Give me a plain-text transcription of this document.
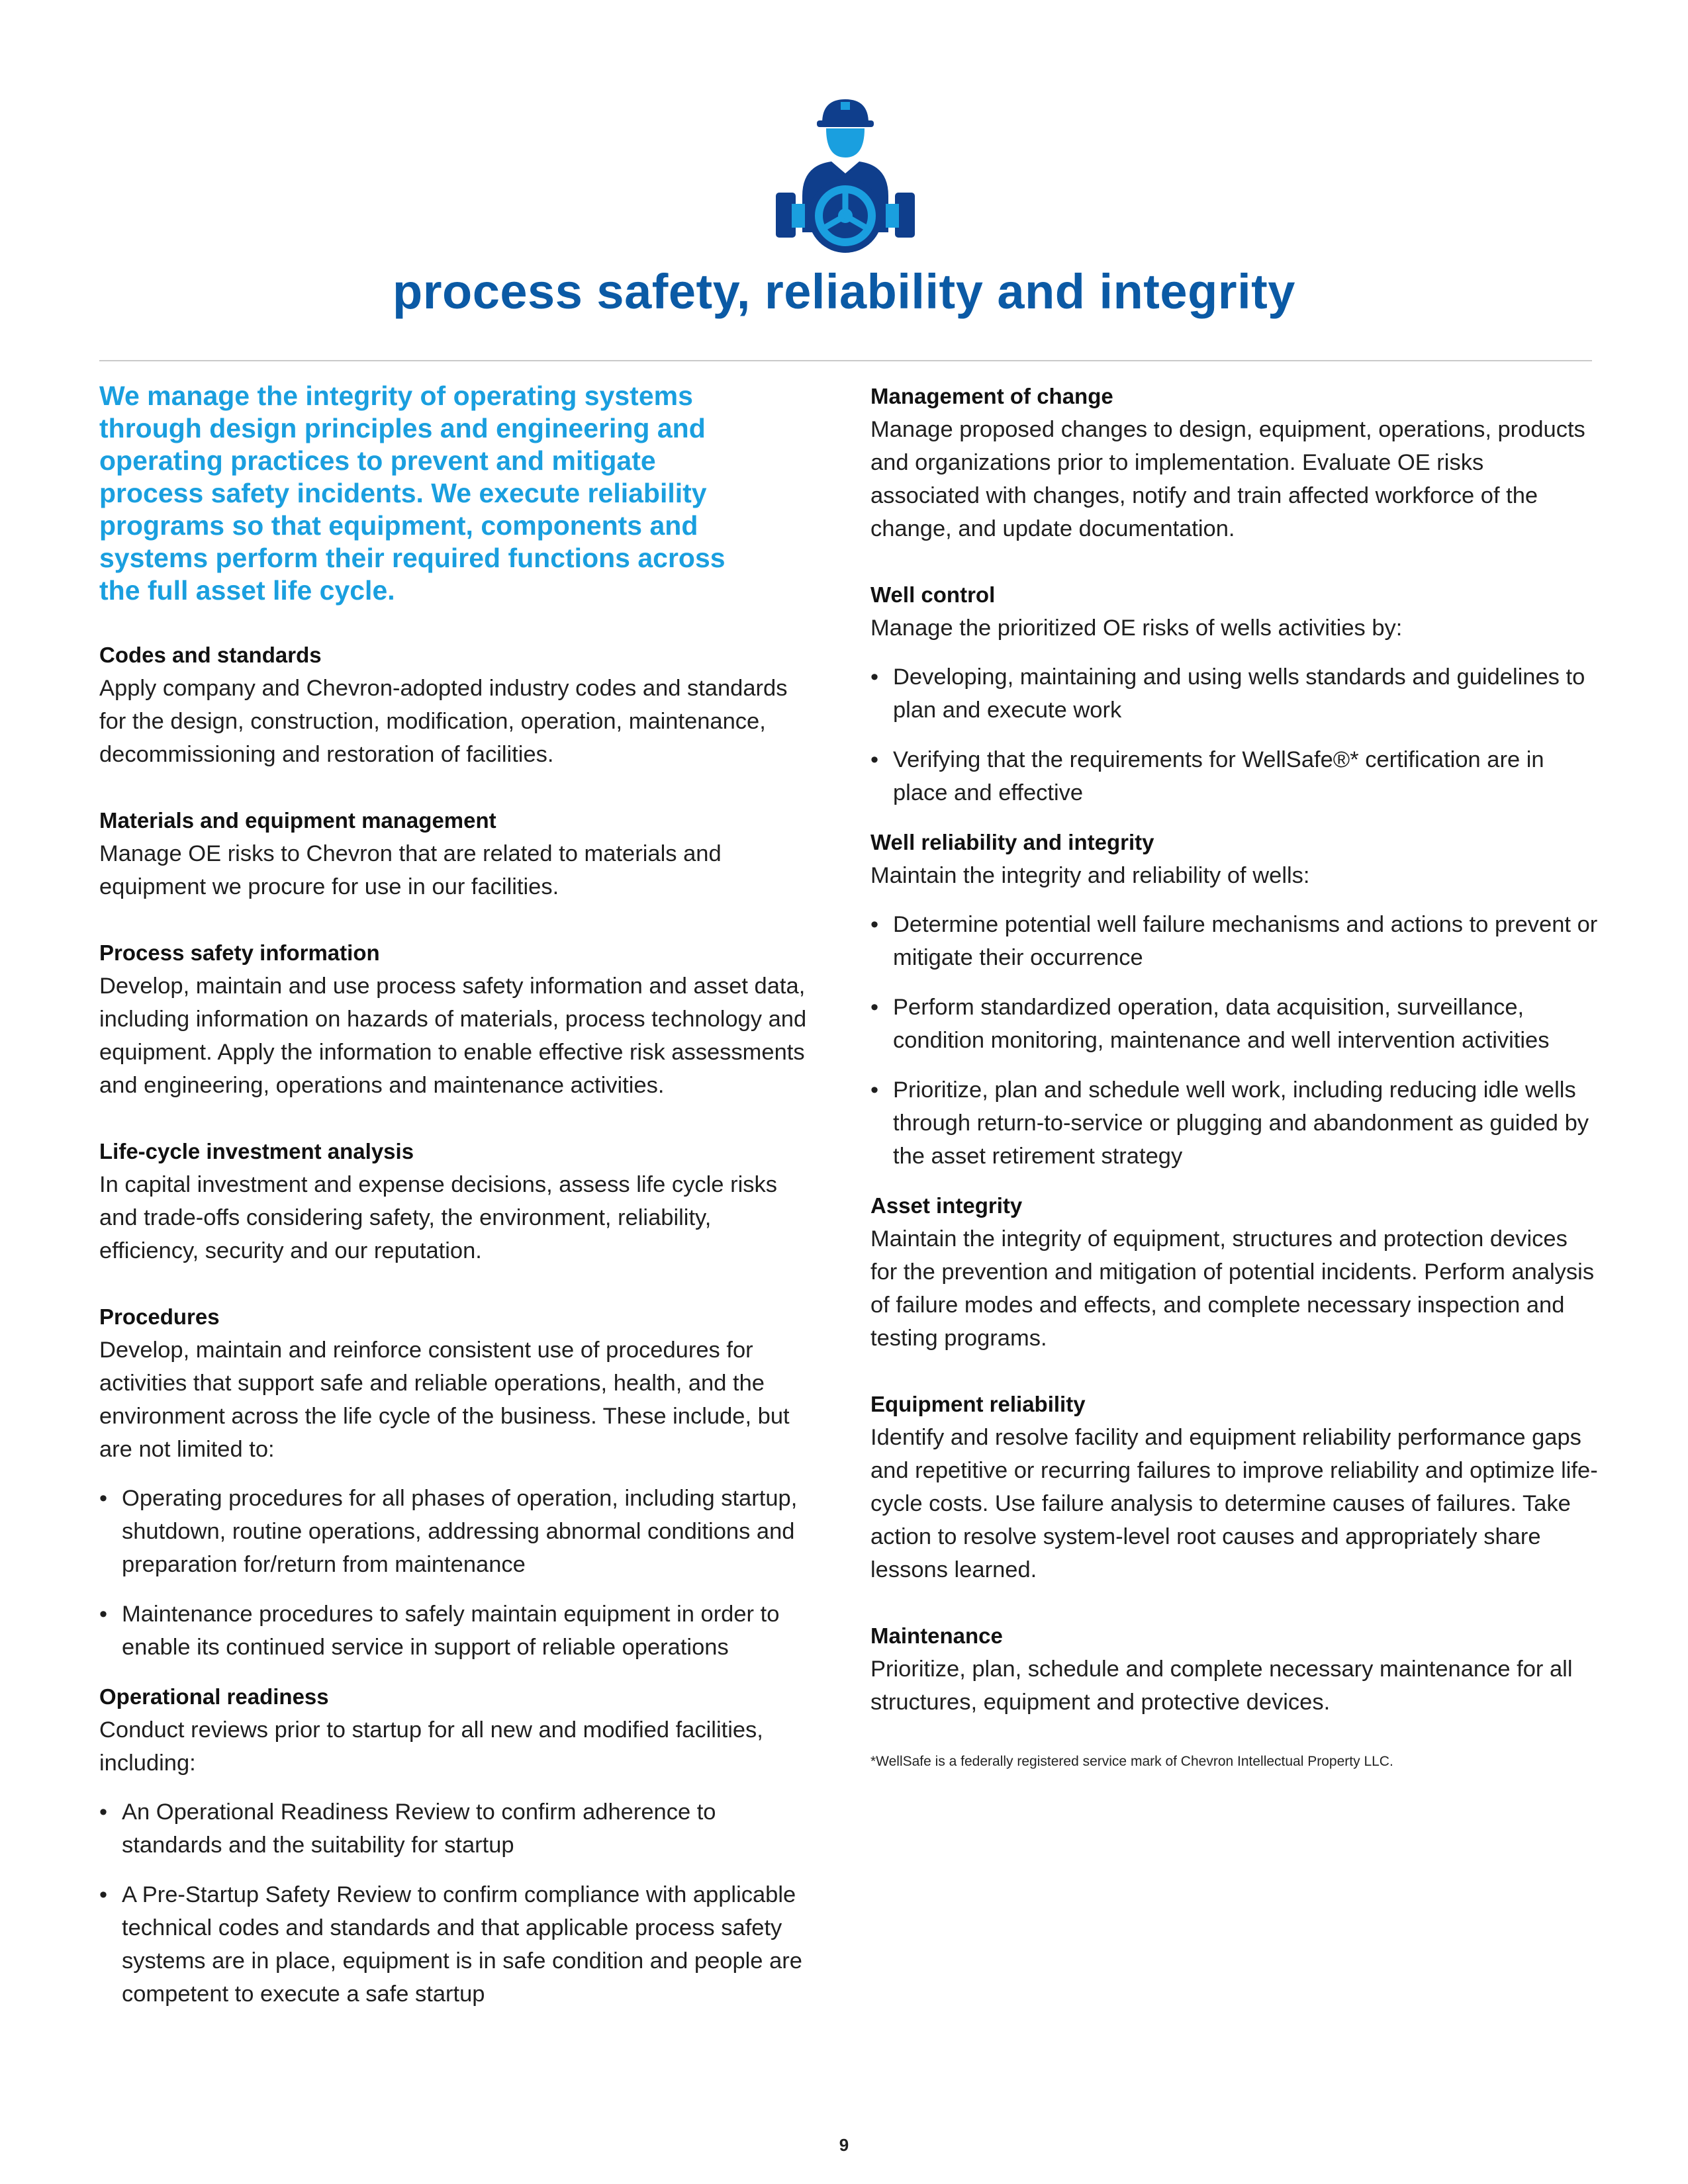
process safety, reliability and integrity

We manage the integrity of operating systems through design principles and engineering and operating practices to prevent and mitigate process safety incidents. We execute reliability programs so that equipment, components and systems perform their required functions across the full asset life cycle.

Codes and standards

Apply company and Chevron-adopted industry codes and standards for the design, construction, modification, operation, maintenance, decommissioning and restoration of facilities.

Materials and equipment management

Manage OE risks to Chevron that are related to materials and equipment we procure for use in our facilities.

Process safety information

Develop, maintain and use process safety information and asset data, including information on hazards of materials, process technology and equipment. Apply the information to enable effective risk assessments and engineering, operations and maintenance activities.

Life-cycle investment analysis

In capital investment and expense decisions, assess life cycle risks and trade-offs considering safety, the environment, reliability, efficiency, security and our reputation.

Procedures

Develop, maintain and reinforce consistent use of procedures for activities that support safe and reliable operations, health, and the environment across the life cycle of the business. These include, but are not limited to:

• Operating procedures for all phases of operation, including startup, shutdown, routine operations, addressing abnormal conditions and preparation for/return from maintenance
• Maintenance procedures to safely maintain equipment in order to enable its continued service in support of reliable operations
Operational readiness

Conduct reviews prior to startup for all new and modified facilities, including:

• An Operational Readiness Review to confirm adherence to standards and the suitability for startup
• A Pre-Startup Safety Review to confirm compliance with applicable technical codes and standards and that applicable process safety systems are in place, equipment is in safe condition and people are competent to execute a safe startup
Management of change

Manage proposed changes to design, equipment, operations, products and organizations prior to implementation. Evaluate OE risks associated with changes, notify and train affected workforce of the change, and update documentation.

Well control

Manage the prioritized OE risks of wells activities by:

• Developing, maintaining and using wells standards and guidelines to plan and execute work
• Verifying that the requirements for WellSafe®* certification are in place and effective
Well reliability and integrity

Maintain the integrity and reliability of wells:

• Determine potential well failure mechanisms and actions to prevent or mitigate their occurrence
• Perform standardized operation, data acquisition, surveillance, condition monitoring, maintenance and well intervention activities
• Prioritize, plan and schedule well work, including reducing idle wells through return-to-service or plugging and abandonment as guided by the asset retirement strategy
Asset integrity

Maintain the integrity of equipment, structures and protection devices for the prevention and mitigation of potential incidents. Perform analysis of failure modes and effects, and complete necessary inspection and testing programs.

Equipment reliability

Identify and resolve facility and equipment reliability performance gaps and repetitive or recurring failures to improve reliability and optimize life-cycle costs. Use failure analysis to determine causes of failures. Take action to resolve system-level root causes and appropriately share lessons learned.

Maintenance

Prioritize, plan, schedule and complete necessary maintenance for all structures, equipment and protective devices.

*WellSafe is a federally registered service mark of Chevron Intellectual Property LLC.

9
